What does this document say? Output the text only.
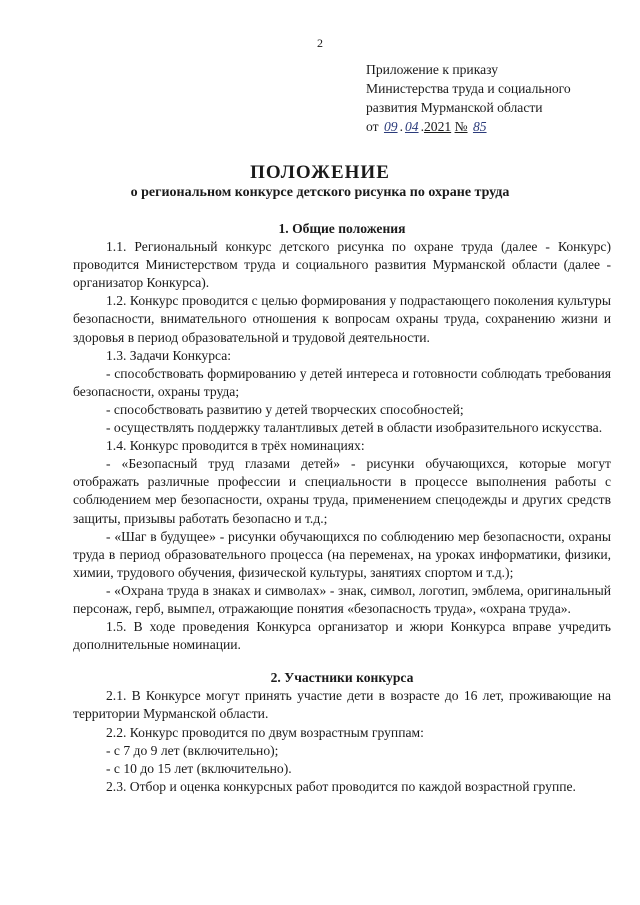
2
Приложение к приказу
Министерства труда и социального
развития Мурманской области
от 09 . 04 .2021 № 85
ПОЛОЖЕНИЕ
о региональном конкурсе детского рисунка по охране труда

1. Общие положения

1.1. Региональный конкурс детского рисунка по охране труда (далее - Конкурс) проводится Министерством труда и социального развития Мурманской области (далее - организатор Конкурса).

1.2. Конкурс проводится с целью формирования у подрастающего поколения культуры безопасности, внимательного отношения к вопросам охраны труда, сохранению жизни и здоровья в период образовательной и трудовой деятельности.

1.3. Задачи Конкурса:

- способствовать формированию у детей интереса и готовности соблюдать требования безопасности, охраны труда;

- способствовать развитию у детей творческих способностей;

- осуществлять поддержку талантливых детей в области изобразительного искусства.

1.4. Конкурс проводится в трёх номинациях:

- «Безопасный труд глазами детей» - рисунки обучающихся, которые могут отображать различные профессии и специальности в процессе выполнения работы с соблюдением мер безопасности, охраны труда, применением спецодежды и других средств защиты, призывы работать безопасно и т.д.;

- «Шаг в будущее» - рисунки обучающихся по соблюдению мер безопасности, охраны труда в период образовательного процесса (на переменах, на уроках информатики, физики, химии, трудового обучения, физической культуры, занятиях спортом и т.д.);

- «Охрана труда в знаках и символах» - знак, символ, логотип, эмблема, оригинальный персонаж, герб, вымпел, отражающие понятия «безопасность труда», «охрана труда».

1.5. В ходе проведения Конкурса организатор и жюри Конкурса вправе учредить дополнительные номинации.

2. Участники конкурса

2.1. В Конкурсе могут принять участие дети в возрасте до 16 лет, проживающие на территории Мурманской области.

2.2. Конкурс проводится по двум возрастным группам:

- с 7 до 9 лет (включительно);

- с 10 до 15 лет (включительно).

2.3. Отбор и оценка конкурсных работ проводится по каждой возрастной группе.
